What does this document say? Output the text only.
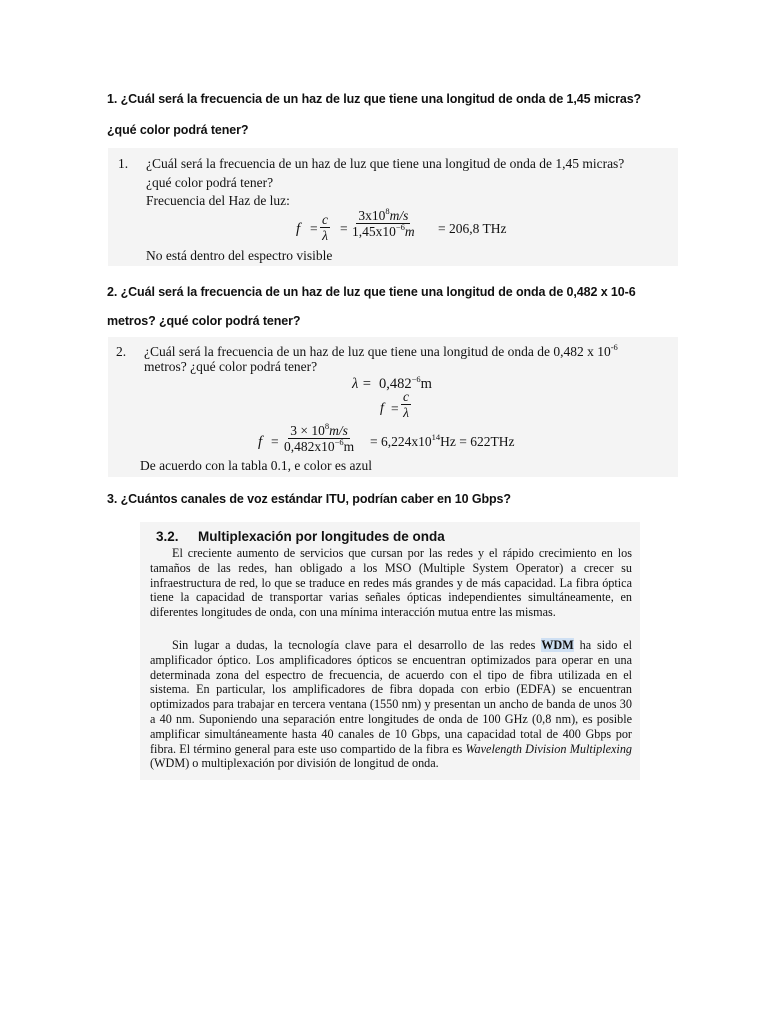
1. ¿Cuál será la frecuencia de un haz de luz que tiene una longitud de onda de 1,45 micras?
¿qué color podrá tener?
1. ¿Cuál será la frecuencia de un haz de luz que tiene una longitud de onda de 1,45 micras?
¿qué color podrá tener?
Frecuencia del Haz de luz:
$f = \frac{c}{\lambda} = \frac{3x10^8m/s}{1,45x10^{-6}m} = 206,8$ THz
No está dentro del espectro visible
2. ¿Cuál será la frecuencia de un haz de luz que tiene una longitud de onda de 0,482 x 10-6
metros? ¿qué color podrá tener?
2. ¿Cuál será la frecuencia de un haz de luz que tiene una longitud de onda de 0,482 x $10^{-6}$
metros? ¿qué color podrá tener?
$\lambda = 0,482^{-6}m$
$f = \frac{c}{\lambda}$
$f = \frac{3 \times 10^8m/s}{0,482x10^{-6}m} = 6,224x10^{14}Hz = 622THz$
De acuerdo con la tabla 0.1, e color es azul
3. ¿Cuántos canales de voz estándar ITU, podrían caber en 10 Gbps?
3.2. Multiplexación por longitudes de onda
El creciente aumento de servicios que cursan por las redes y el rápido crecimiento en los tamaños de las redes, han obligado a los MSO (Multiple System Operator) a crecer su infraestructura de red, lo que se traduce en redes más grandes y de más capacidad. La fibra óptica tiene la capacidad de transportar varias señales ópticas independientes simultáneamente, en diferentes longitudes de onda, con una mínima interacción mutua entre las mismas.
Sin lugar a dudas, la tecnología clave para el desarrollo de las redes WDM ha sido el amplificador óptico. Los amplificadores ópticos se encuentran optimizados para operar en una determinada zona del espectro de frecuencia, de acuerdo con el tipo de fibra utilizada en el sistema. En particular, los amplificadores de fibra dopada con erbio (EDFA) se encuentran optimizados para trabajar en tercera ventana (1550 nm) y presentan un ancho de banda de unos 30 a 40 nm. Suponiendo una separación entre longitudes de onda de 100 GHz (0,8 nm), es posible amplificar simultáneamente hasta 40 canales de 10 Gbps, una capacidad total de 400 Gbps por fibra. El término general para este uso compartido de la fibra es Wavelength Division Multiplexing (WDM) o multiplexación por división de longitud de onda.
